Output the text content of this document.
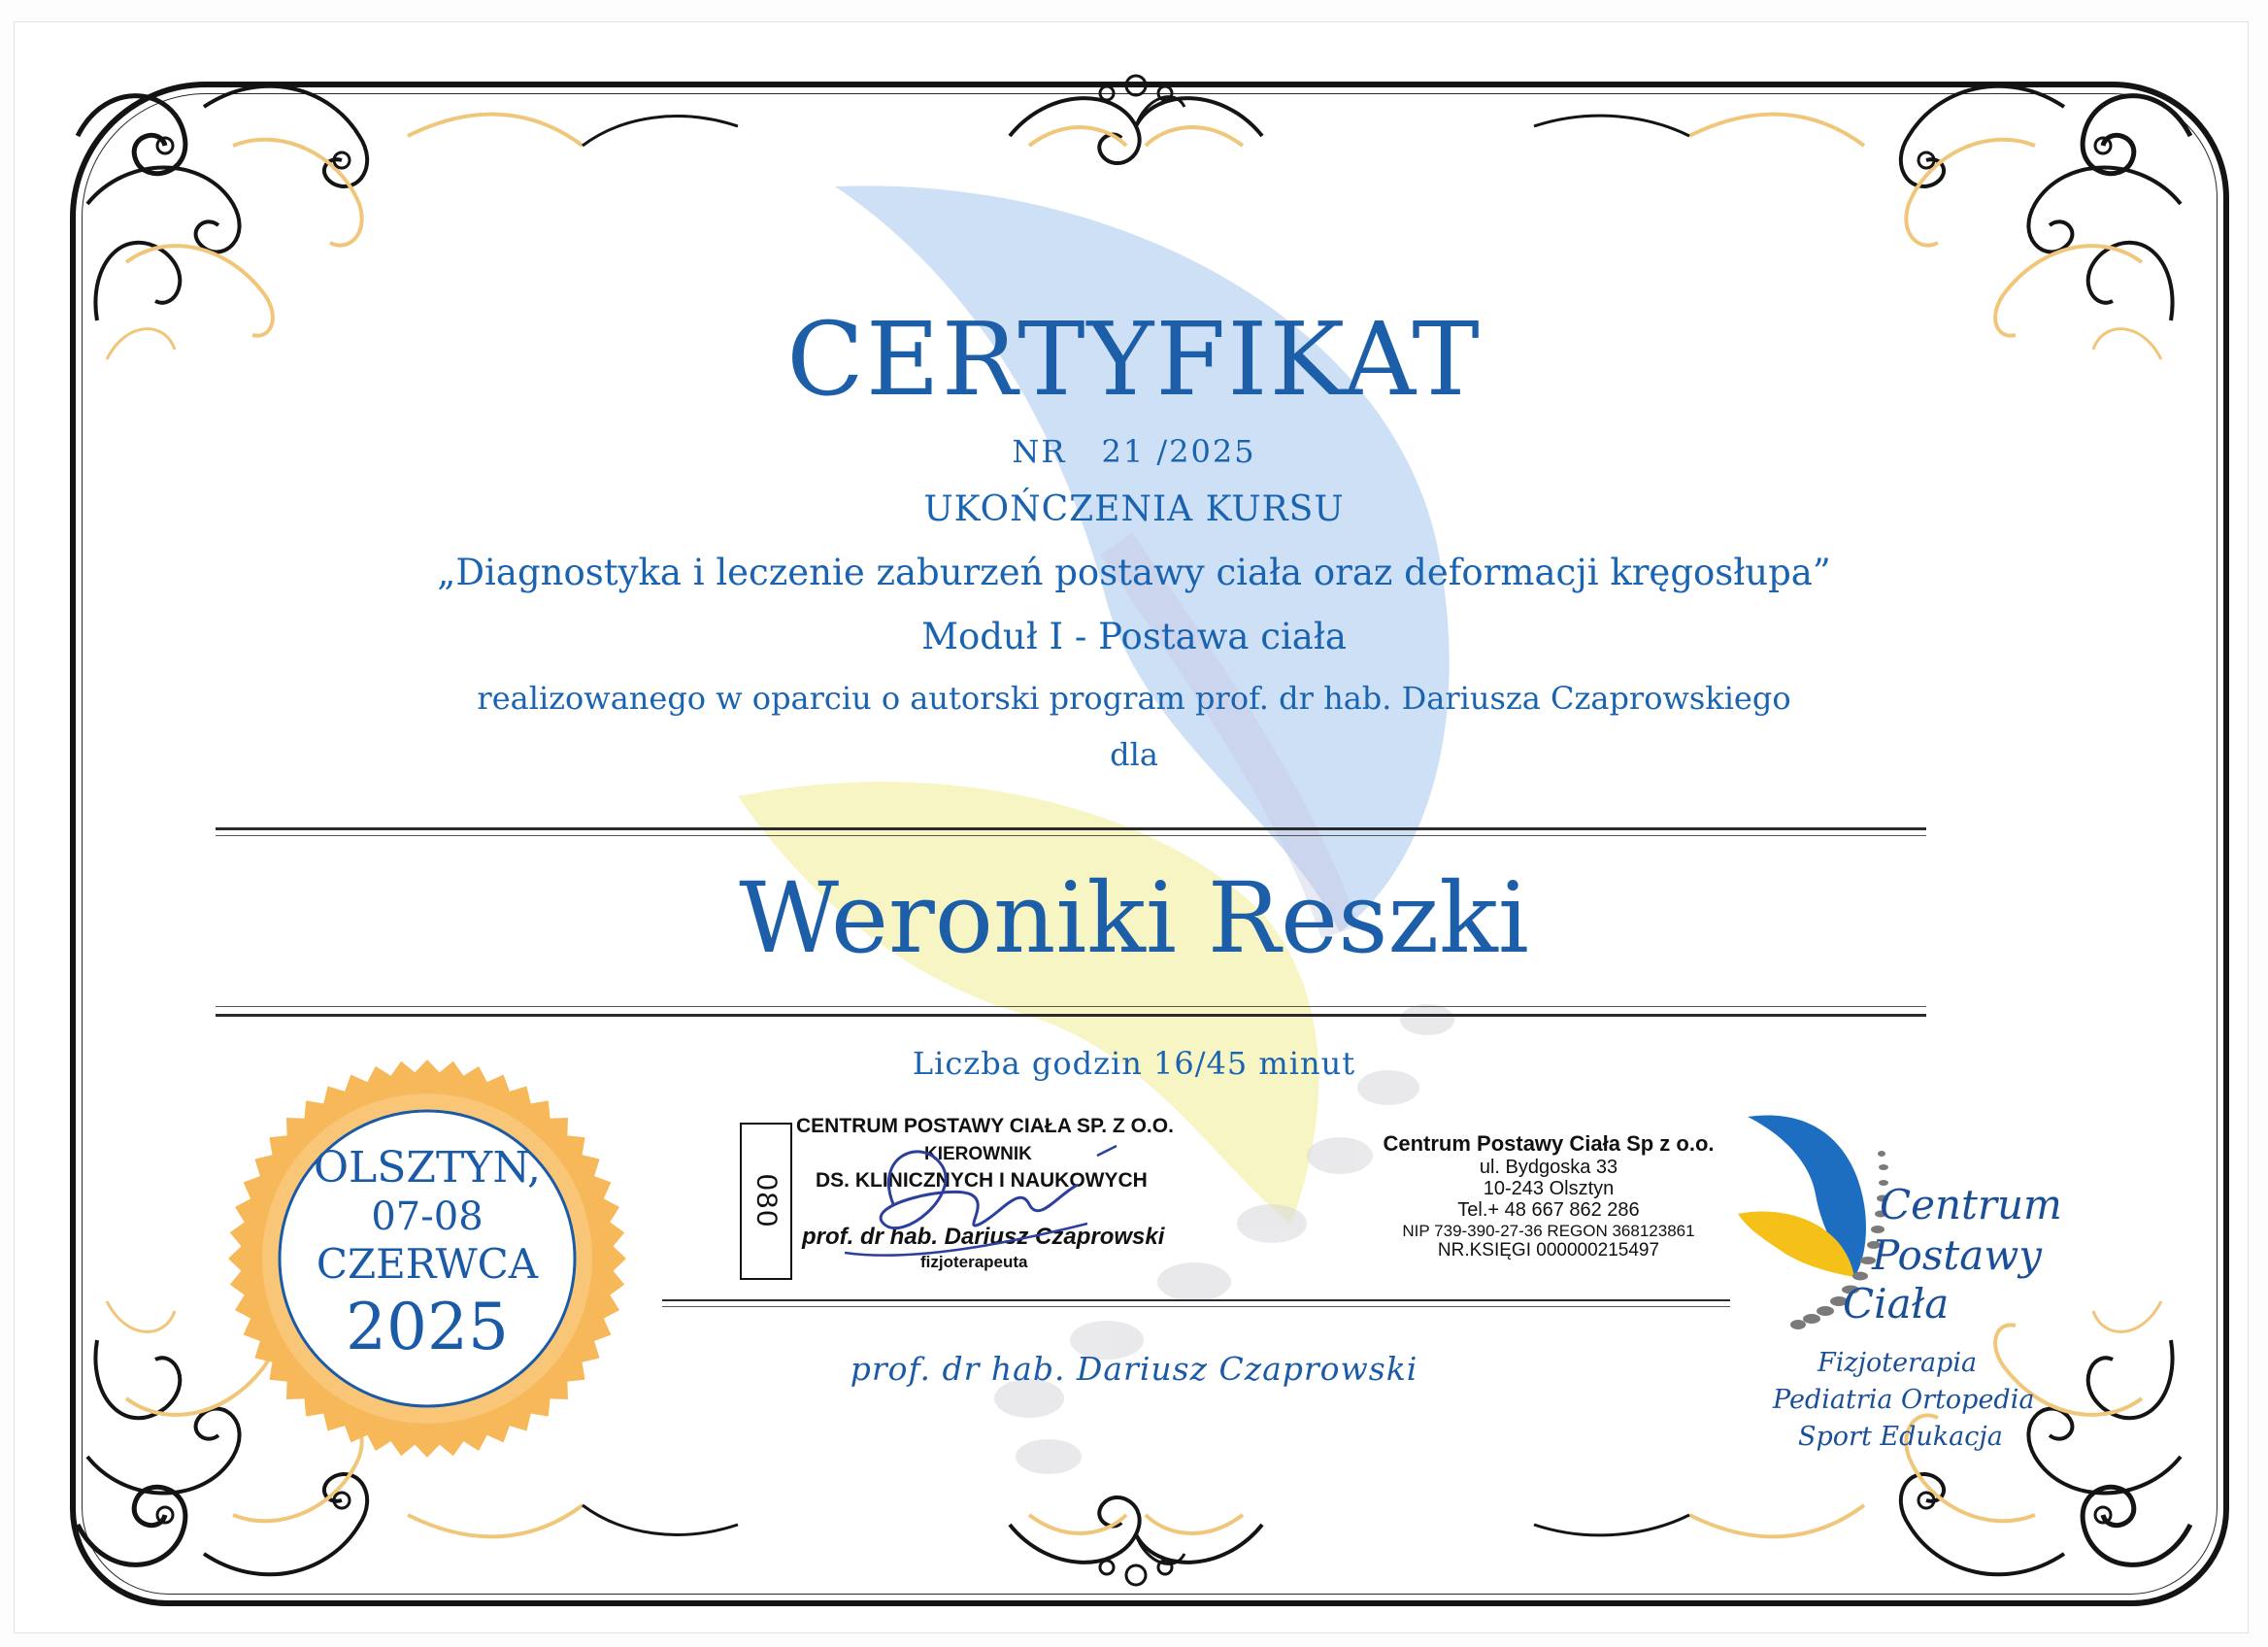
CERTYFIKAT
NR 21 /2025
UKOŃCZENIA KURSU
„Diagnostyka i leczenie zaburzeń postawy ciała oraz deformacji kręgosłupa”
Moduł I - Postawa ciała
realizowanego w oparciu o autorski program prof. dr hab. Dariusza Czaprowskiego
dla
Weroniki Reszki
Liczba godzin 16/45 minut
OLSZTYN,
07-08
CZERWCA
2025
080
CENTRUM POSTAWY CIAŁA SP. Z O.O.
KIEROWNIK
DS. KLINICZNYCH I NAUKOWYCH
prof. dr hab. Dariusz Czaprowski
fizjoterapeuta
Centrum Postawy Ciała Sp z o.o.
ul. Bydgoska 33
10-243 Olsztyn
Tel.+ 48 667 862 286
NIP 739-390-27-36 REGON 368123861
NR.KSIĘGI 000000215497
prof. dr hab. Dariusz Czaprowski
Centrum
Postawy
Ciała
Fizjoterapia
Pediatria Ortopedia
Sport Edukacja
